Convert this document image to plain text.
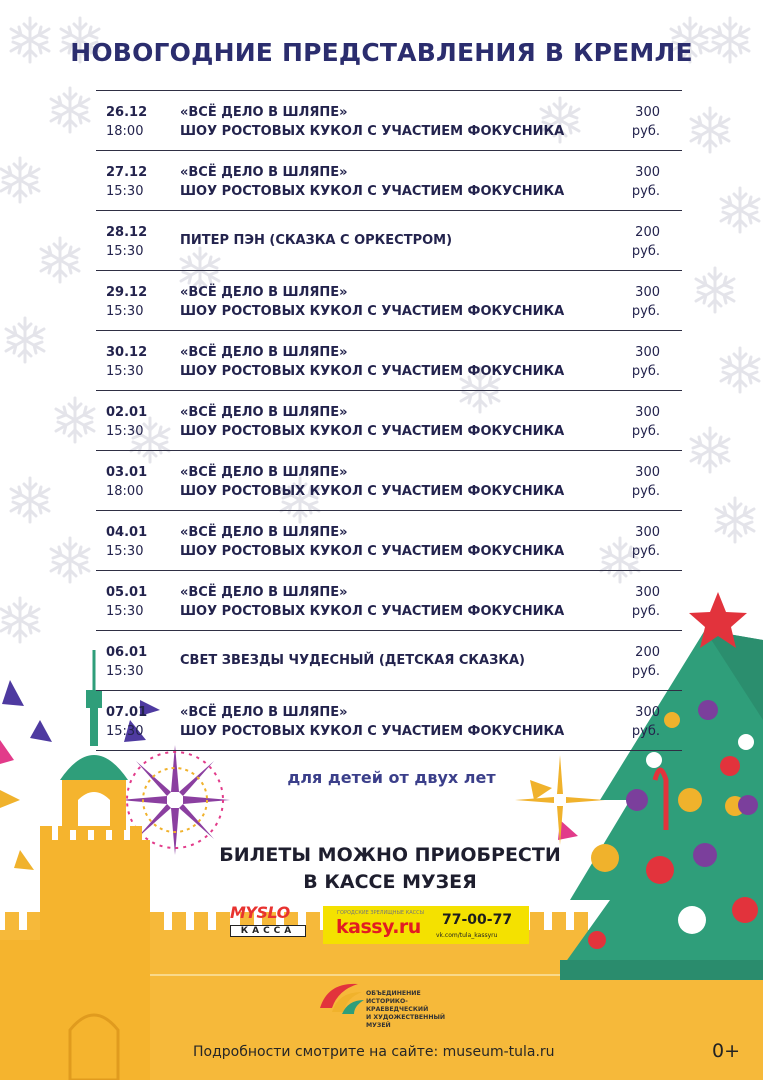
НОВОГОДНИЕ ПРЕДСТАВЛЕНИЯ В КРЕМЛЕ
26.12
18:00
«ВСЁ ДЕЛО В ШЛЯПЕ»
ШОУ РОСТОВЫХ КУКОЛ С УЧАСТИЕМ ФОКУСНИКА
300
руб.
27.12
15:30
«ВСЁ ДЕЛО В ШЛЯПЕ»
ШОУ РОСТОВЫХ КУКОЛ С УЧАСТИЕМ ФОКУСНИКА
300
руб.
28.12
15:30
ПИТЕР ПЭН (СКАЗКА С ОРКЕСТРОМ)
200
руб.
29.12
15:30
«ВСЁ ДЕЛО В ШЛЯПЕ»
ШОУ РОСТОВЫХ КУКОЛ С УЧАСТИЕМ ФОКУСНИКА
300
руб.
30.12
15:30
«ВСЁ ДЕЛО В ШЛЯПЕ»
ШОУ РОСТОВЫХ КУКОЛ С УЧАСТИЕМ ФОКУСНИКА
300
руб.
02.01
15:30
«ВСЁ ДЕЛО В ШЛЯПЕ»
ШОУ РОСТОВЫХ КУКОЛ С УЧАСТИЕМ ФОКУСНИКА
300
руб.
03.01
18:00
«ВСЁ ДЕЛО В ШЛЯПЕ»
ШОУ РОСТОВЫХ КУКОЛ С УЧАСТИЕМ ФОКУСНИКА
300
руб.
04.01
15:30
«ВСЁ ДЕЛО В ШЛЯПЕ»
ШОУ РОСТОВЫХ КУКОЛ С УЧАСТИЕМ ФОКУСНИКА
300
руб.
05.01
15:30
«ВСЁ ДЕЛО В ШЛЯПЕ»
ШОУ РОСТОВЫХ КУКОЛ С УЧАСТИЕМ ФОКУСНИКА
300
руб.
06.01
15:30
СВЕТ ЗВЕЗДЫ ЧУДЕСНЫЙ (ДЕТСКАЯ СКАЗКА)
200
руб.
07.01
15:30
«ВСЁ ДЕЛО В ШЛЯПЕ»
ШОУ РОСТОВЫХ КУКОЛ С УЧАСТИЕМ ФОКУСНИКА
300
руб.
для детей от двух лет
БИЛЕТЫ МОЖНО ПРИОБРЕСТИ
В КАССЕ МУЗЕЯ
MYSLO
КАССА
ГОРОДСКИЕ ЗРЕЛИЩНЫЕ КАССЫ
kassy.ru 77-00-77
vk.com/tula_kassyru
ОБЪЕДИНЕНИЕ
ИСТОРИКО-
КРАЕВЕДЧЕСКИЙ
И ХУДОЖЕСТВЕННЫЙ
МУЗЕЙ
Подробности смотрите на сайте: museum-tula.ru	0+
